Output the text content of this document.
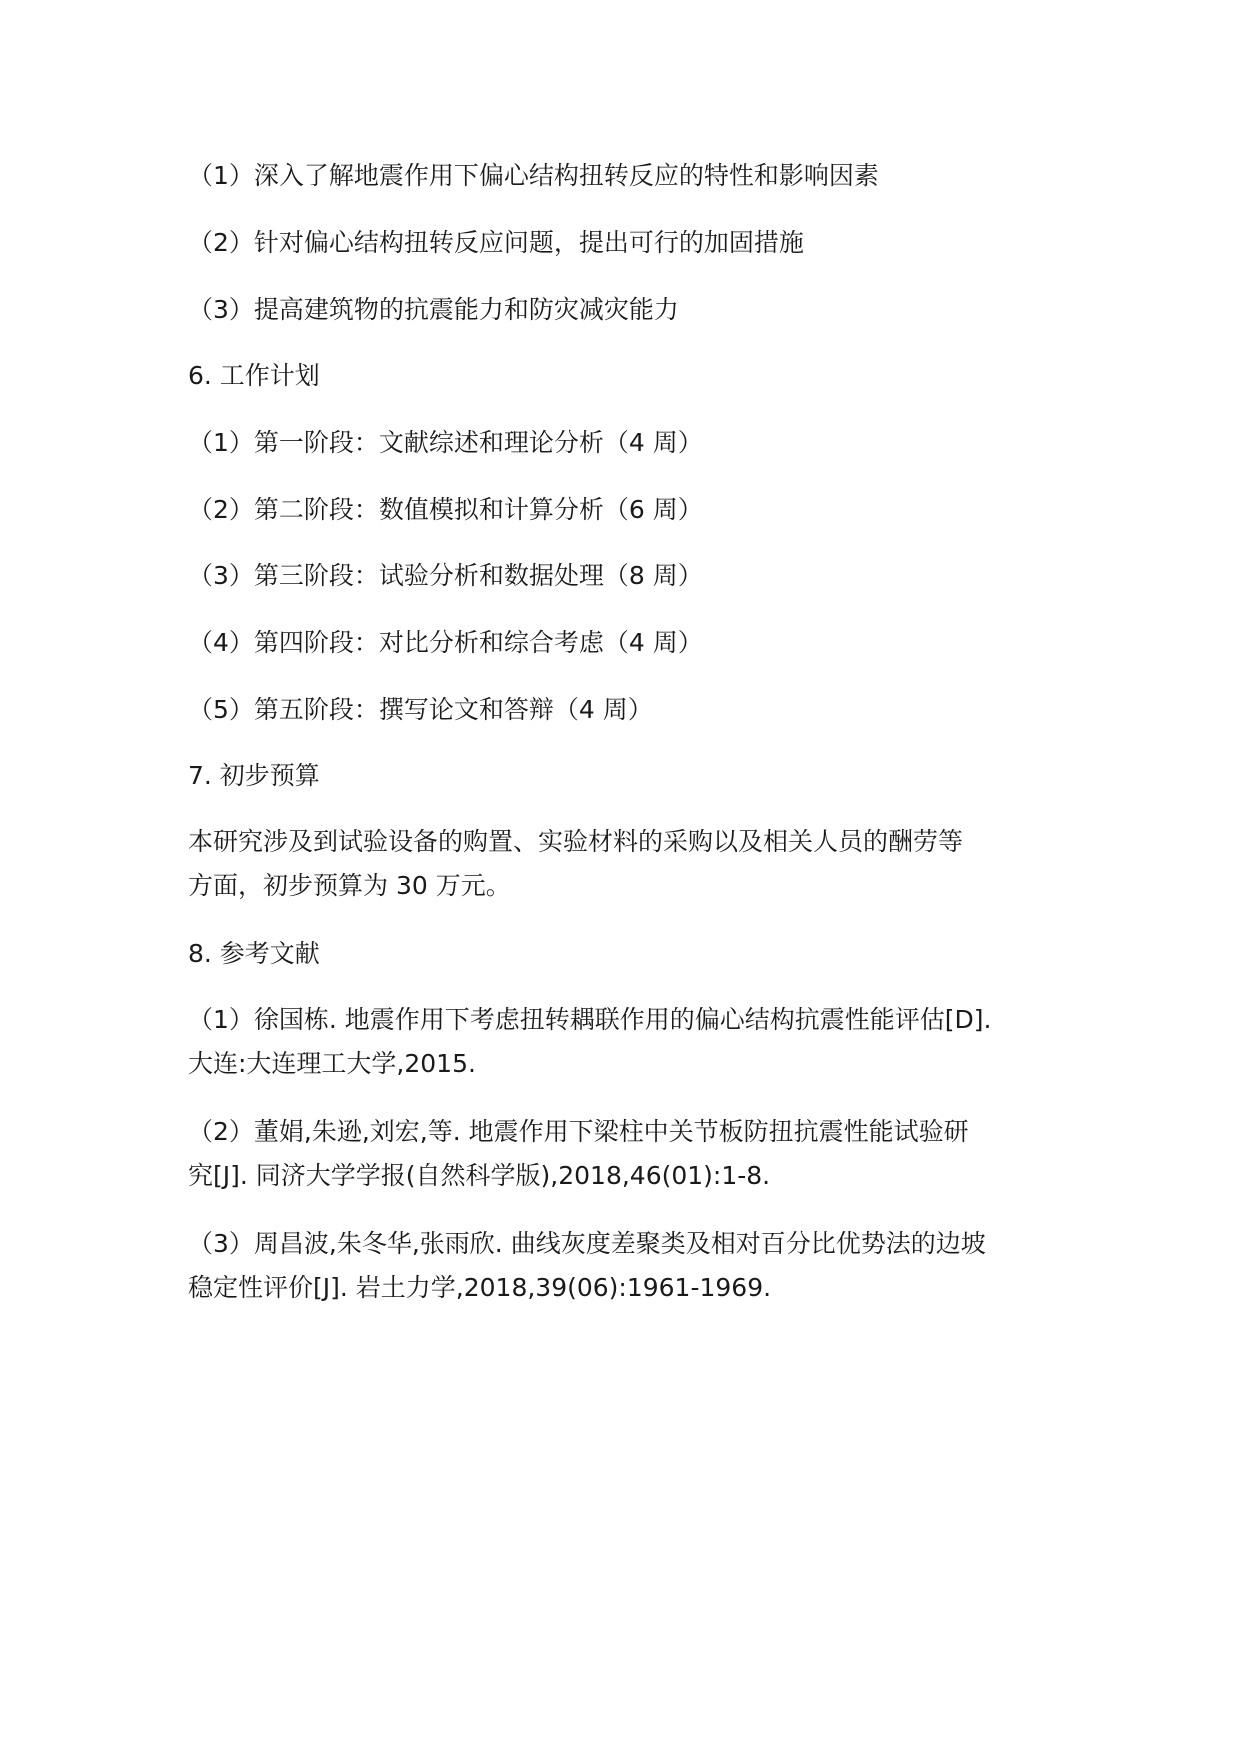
（1）深入了解地震作用下偏心结构扭转反应的特性和影响因素
（2）针对偏心结构扭转反应问题，提出可行的加固措施
（3）提高建筑物的抗震能力和防灾减灾能力
6. 工作计划
（1）第一阶段：文献综述和理论分析（4 周）
（2）第二阶段：数值模拟和计算分析（6 周）
（3）第三阶段：试验分析和数据处理（8 周）
（4）第四阶段：对比分析和综合考虑（4 周）
（5）第五阶段：撰写论文和答辩（4 周）
7. 初步预算
本研究涉及到试验设备的购置、实验材料的采购以及相关人员的酬劳等
方面，初步预算为 30 万元。
8. 参考文献
（1）徐国栋. 地震作用下考虑扭转耦联作用的偏心结构抗震性能评估[D].
大连:大连理工大学,2015.
（2）董娟,朱逊,刘宏,等. 地震作用下梁柱中关节板防扭抗震性能试验研
究[J]. 同济大学学报(自然科学版),2018,46(01):1-8.
（3）周昌波,朱冬华,张雨欣. 曲线灰度差聚类及相对百分比优势法的边坡
稳定性评价[J]. 岩土力学,2018,39(06):1961-1969.
